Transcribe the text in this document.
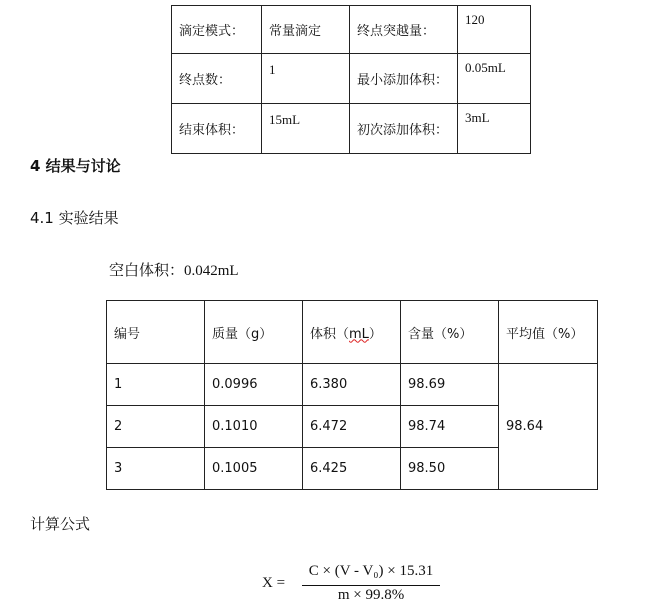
滴定模式：	常量滴定	终点突越量：	120
终点数：	1	最小添加体积：	0.05mL
结束体积：	15mL	初次添加体积：	3mL
4 结果与讨论
4.1 实验结果
空白体积：0.042mL
编号	质量（g）	体积（mL）	含量（%）	平均值（%）
1	0.0996	6.380	98.69	98.64
2	0.1010	6.472	98.74	
3	0.1005	6.425	98.50	
计算公式
X =
C × (V - V₀) × 15.31
m × 99.8%
